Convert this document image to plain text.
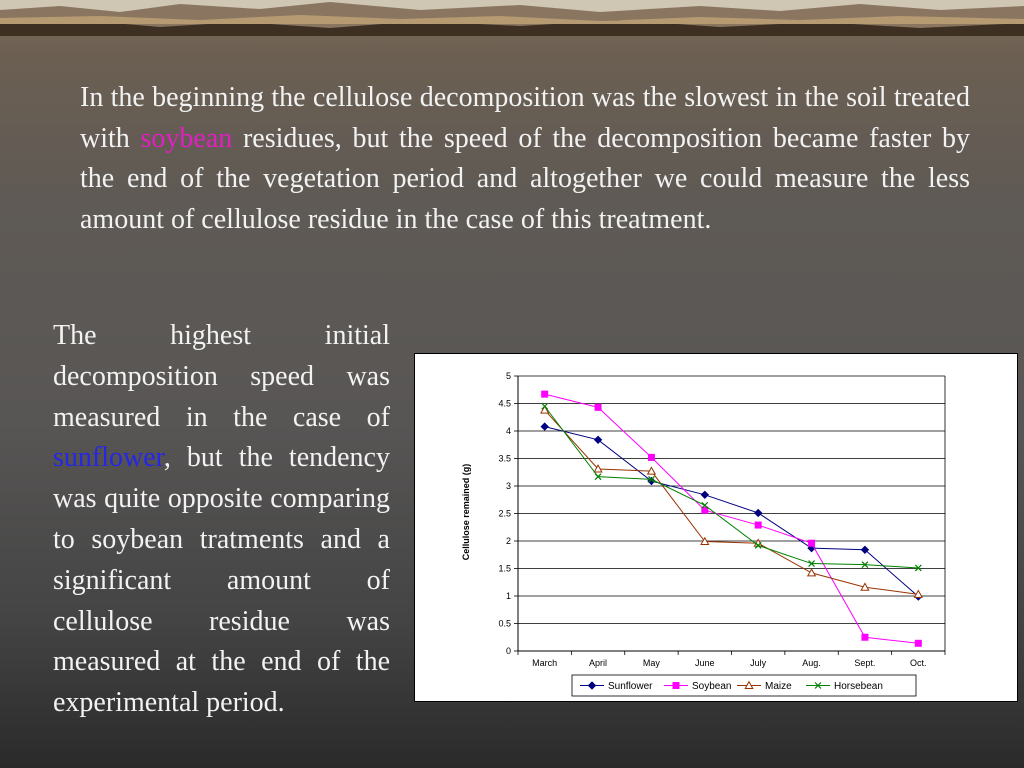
In the beginning the cellulose decomposition was the slowest in the soil treated with soybean residues, but the speed of the decomposition became faster by the end of the vegetation period and altogether we could measure the less amount of cellulose residue in the case of this treatment.

The highest initial decomposition speed was measured in the case of sunflower, but the tendency was quite opposite comparing to soybean tratments and a significant amount of cellulose residue was measured at the end of the experimental period.

0
0.5
1
1.5
2
2.5
3
3.5
4
4.5
5
March	April	May	June	July	Aug.	Sept.	Oct.
Cellulose remained (g)
Sunflower	Soybean	Maize	Horsebean
